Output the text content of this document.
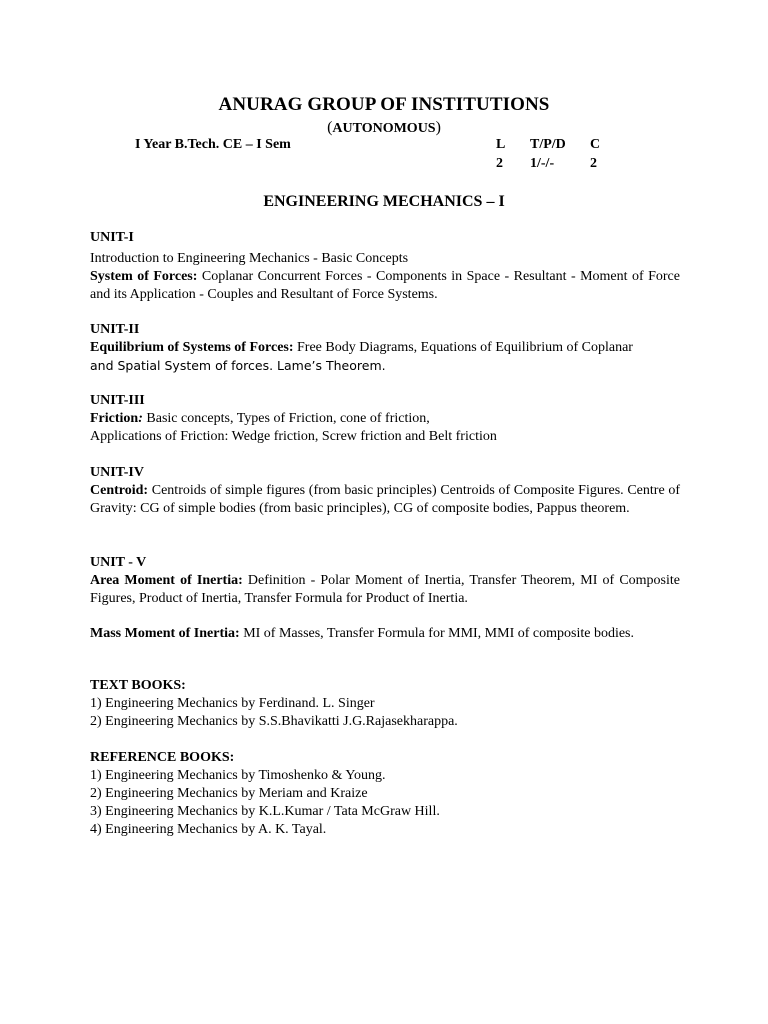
ANURAG GROUP OF INSTITUTIONS
(AUTONOMOUS)
I Year B.Tech. CE – I Sem	L T/P/D C
2 1/-/-	2
ENGINEERING MECHANICS – I

UNIT-I

Introduction to Engineering Mechanics - Basic Concepts

System of Forces: Coplanar Concurrent Forces - Components in Space - Resultant - Moment of Force and its Application - Couples and Resultant of Force Systems.

UNIT-II

Equilibrium of Systems of Forces: Free Body Diagrams, Equations of Equilibrium of Coplanar

and Spatial System of forces. Lame’s Theorem.

UNIT-III

Friction: Basic concepts, Types of Friction, cone of friction,

Applications of Friction: Wedge friction, Screw friction and Belt friction

UNIT-IV

Centroid: Centroids of simple figures (from basic principles) Centroids of Composite Figures. Centre of Gravity: CG of simple bodies (from basic principles), CG of composite bodies, Pappus theorem.

UNIT - V

Area Moment of Inertia: Definition - Polar Moment of Inertia, Transfer Theorem, MI of Composite Figures, Product of Inertia, Transfer Formula for Product of Inertia.

Mass Moment of Inertia: MI of Masses, Transfer Formula for MMI, MMI of composite bodies.

TEXT BOOKS:

1) Engineering Mechanics by Ferdinand. L. Singer

2) Engineering Mechanics by S.S.Bhavikatti J.G.Rajasekharappa.

REFERENCE BOOKS:

1) Engineering Mechanics by Timoshenko & Young.

2) Engineering Mechanics by Meriam and Kraize

3) Engineering Mechanics by K.L.Kumar / Tata McGraw Hill.

4) Engineering Mechanics by A. K. Tayal.
